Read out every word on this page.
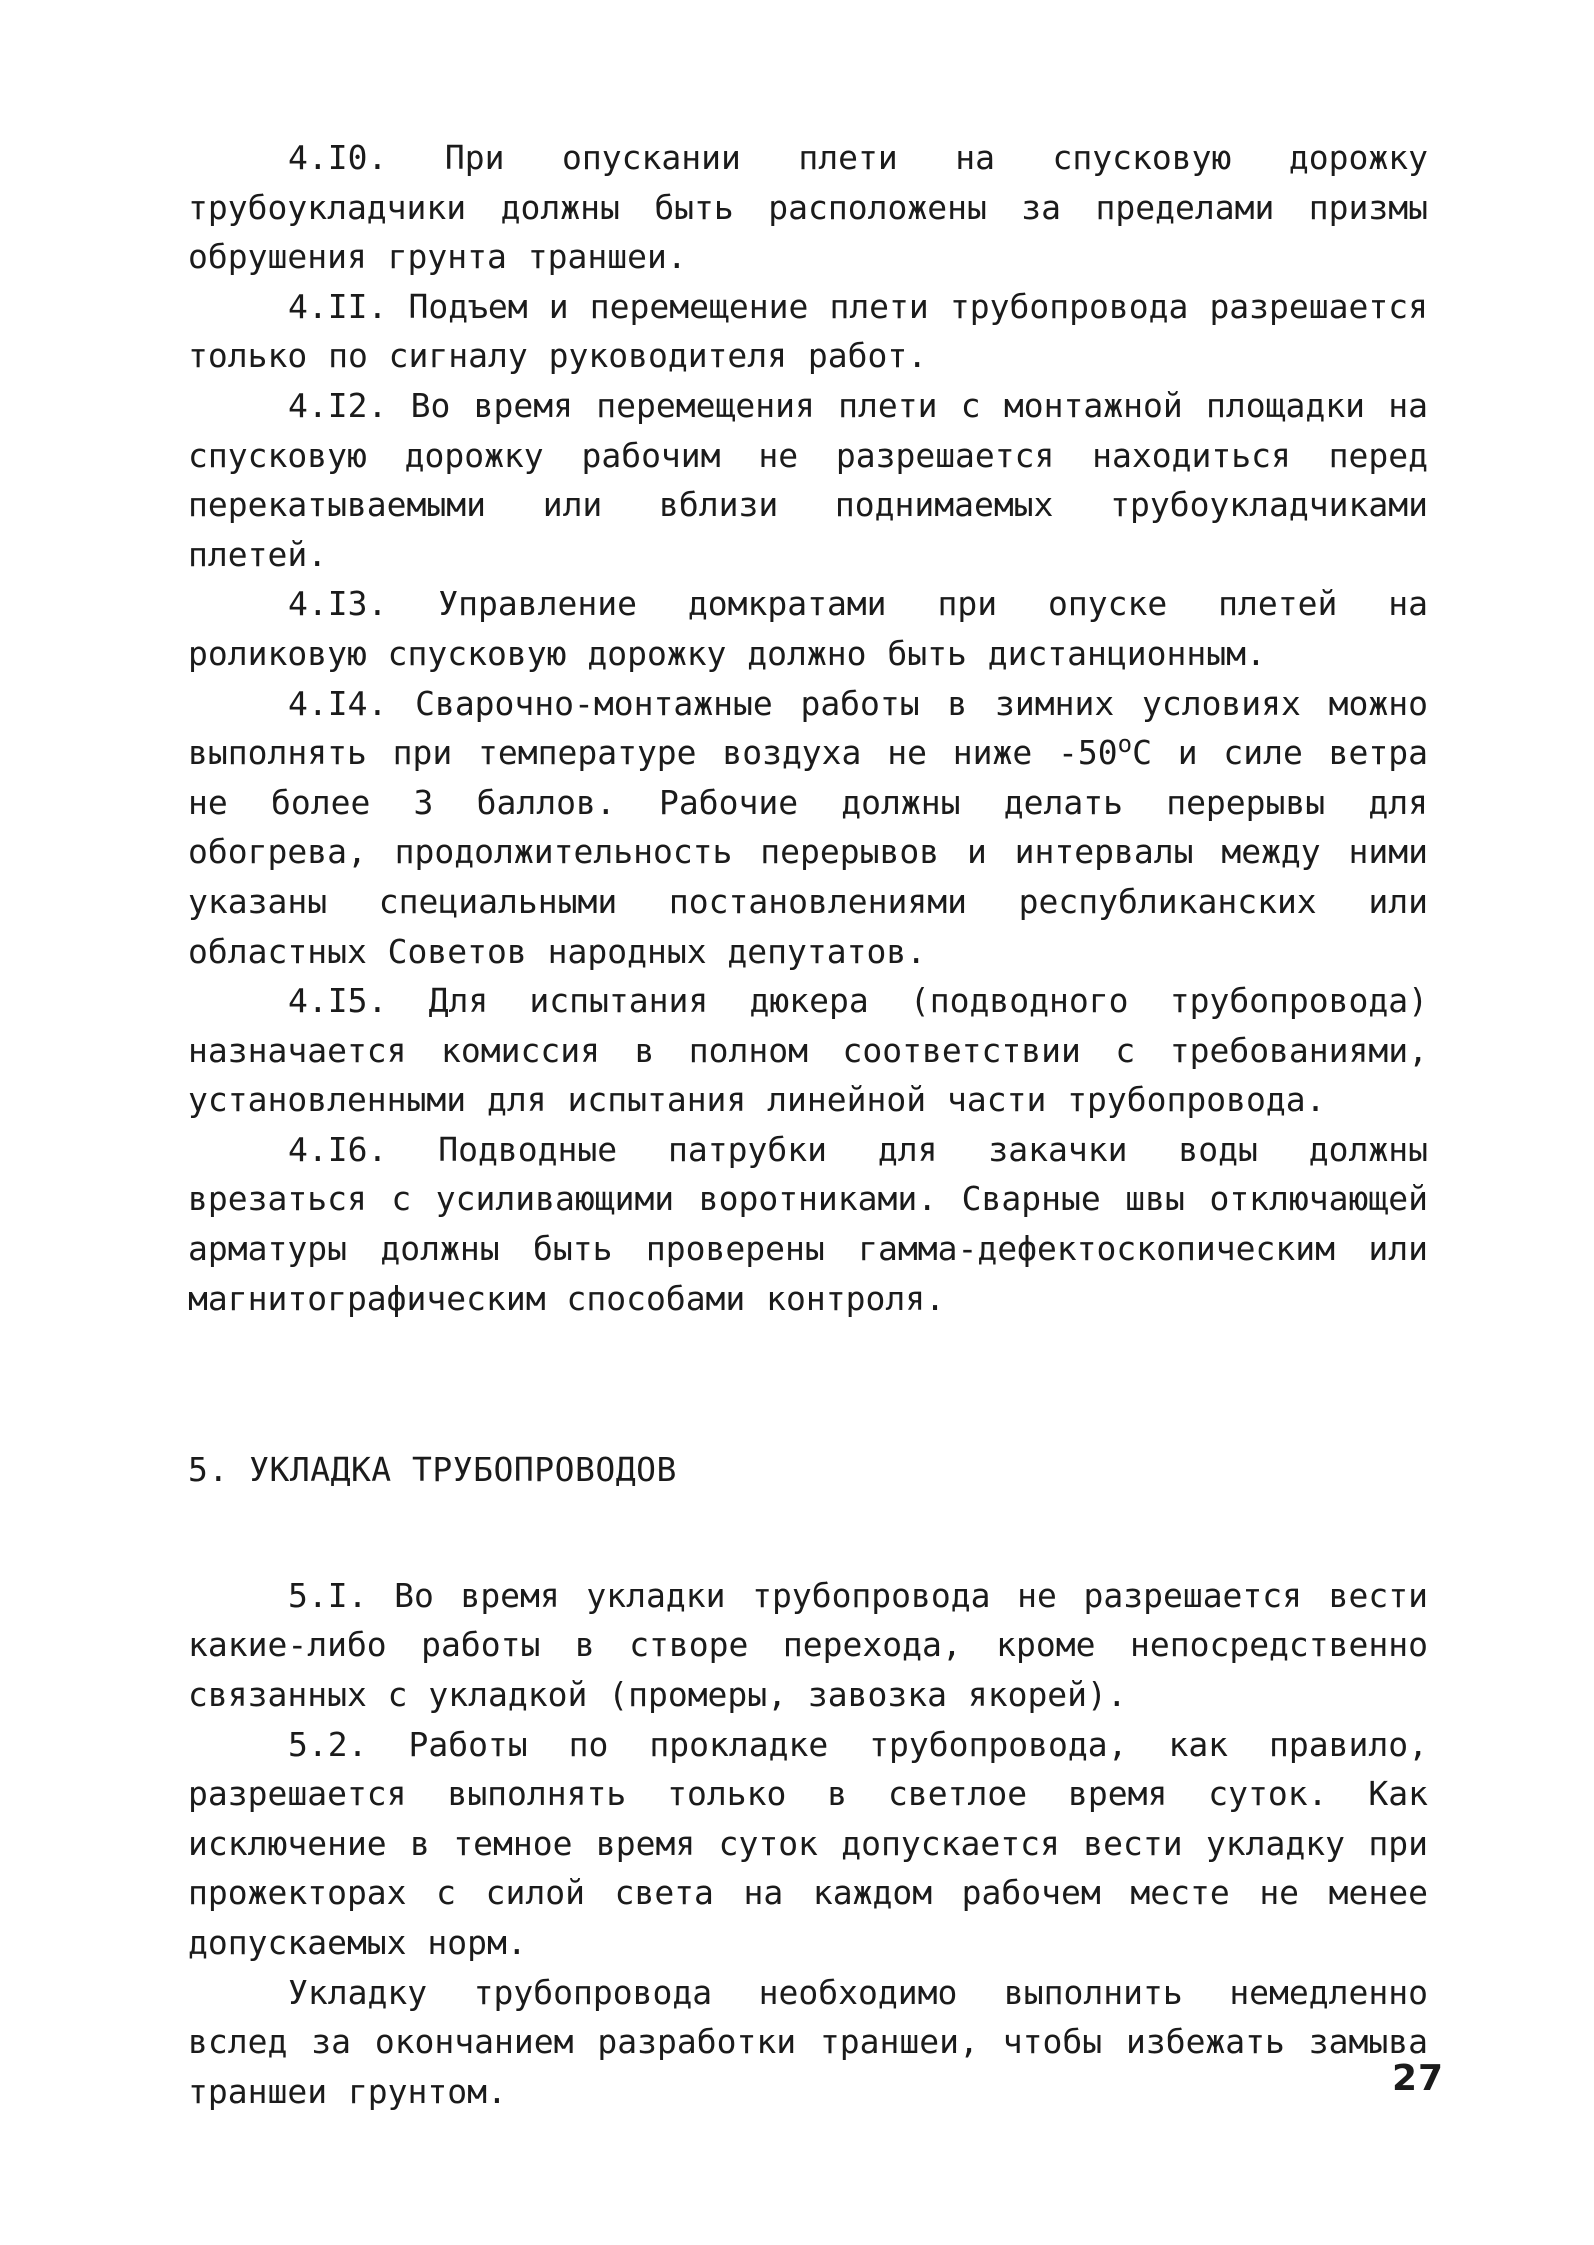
4.I0. При опускании плети на спусковую дорожку трубоукладчики должны быть расположены за пределами призмы обрушения грунта траншеи.

4.II. Подъем и перемещение плети трубопровода разрешается только по сигналу руководителя работ.

4.I2. Во время перемещения плети с монтажной площадки на спусковую дорожку рабочим не разрешается находиться перед перекатываемыми или вблизи поднимаемых трубоукладчиками плетей.

4.I3. Управление домкратами при опуске плетей на роликовую спусковую дорожку должно быть дистанционным.

4.I4. Сварочно-монтажные работы в зимних условиях можно выполнять при температуре воздуха не ниже $-50^оС$ и силе ветра не более 3 баллов. Рабочие должны делать перерывы для обогрева, продолжительность перерывов и интервалы между ними указаны специальными постановлениями республиканских или областных Советов народных депутатов.

4.I5. Для испытания дюкера (подводного трубопровода) назначается комиссия в полном соответствии с требованиями, установленными для испытания линейной части трубопровода.

4.I6. Подводные патрубки для закачки воды должны врезаться с усиливающими воротниками. Сварные швы отключающей арматуры должны быть проверены гамма-дефектоскопическим или магнитографическим способами контроля.

5. УКЛАДКА ТРУБОПРОВОДОВ

5.I. Во время укладки трубопровода не разрешается вести какие-либо работы в створе перехода, кроме непосредственно связанных с укладкой (промеры, завозка якорей).

5.2. Работы по прокладке трубопровода, как правило, разрешается выполнять только в светлое время суток. Как исключение в темное время суток допускается вести укладку при прожекторах с силой света на каждом рабочем месте не менее допускаемых норм.

Укладку трубопровода необходимо выполнить немедленно вслед за окончанием разработки траншеи, чтобы избежать замыва траншеи грунтом.	27
